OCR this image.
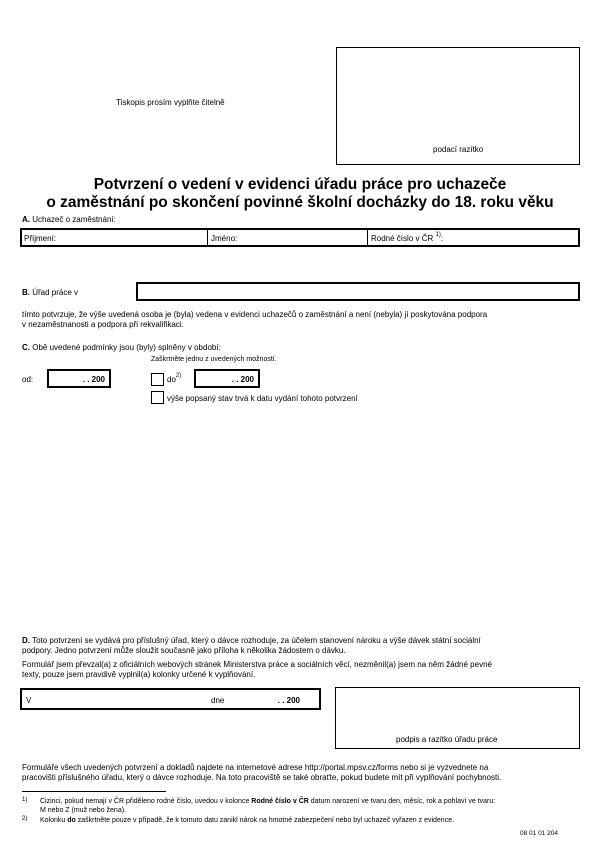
Tiskopis prosím vyplňte čitelně
podací razítko
Potvrzení o vedení v evidenci úřadu práce pro uchazeče
o zaměstnání po skončení povinné školní docházky do 18. roku věku
A. Uchazeč o zaměstnání:
Příjmení:	Jméno:	Rodné číslo v ČR $^{1)}$:
B. Úřad práce v
tímto potvrzuje, že výše uvedená osoba je (byla) vedena v evidenci uchazečů o zaměstnání a není (nebyla) jí poskytována podpora
v nezaměstnanosti a podpora při rekvalifikaci.
C. Obě uvedené podmínky jsou (byly) splněny v období:
Zaškrtněte jednu z uvedených možností.
od:	. . 200	$do^{2)}$	. . 200
výše popsaný stav trvá k datu vydání tohoto potvrzení
D. Toto potvrzení se vydává pro příslušný úřad, který o dávce rozhoduje, za účelem stanovení nároku a výše dávek státní sociální
podpory. Jedno potvrzení může sloužit současně jako příloha k několika žádostem o dávku.
Formulář jsem převzal(a) z oficiálních webových stránek Ministerstva práce a sociálních věcí, nezměnil(a) jsem na něm žádné pevné
texty, pouze jsem pravdivě vyplnil(a) kolonky určené k vyplňování.
V	dne	. . 200
podpis a razítko úřadu práce
Formuláře všech uvedených potvrzení a dokladů najdete na internetové adrese http://portal.mpsv.cz/forms nebo si je vyzvednete na
pracovišti příslušného úřadu, který o dávce rozhoduje. Na toto pracoviště se také obraťte, pokud budete mít při vyplňování pochybnosti.
1) Cizinci, pokud nemají v ČR přiděleno rodné číslo, uvedou v kolonce Rodné číslo v ČR datum narození ve tvaru den, měsíc, rok a pohlaví ve tvaru:
M nebo Z (muž nebo žena).
2) Kolonku do zaškrtněte pouze v případě, že k tomuto datu zanikl nárok na hmotné zabezpečení nebo byl uchazeč vyřazen z evidence.
08 01 01 204
